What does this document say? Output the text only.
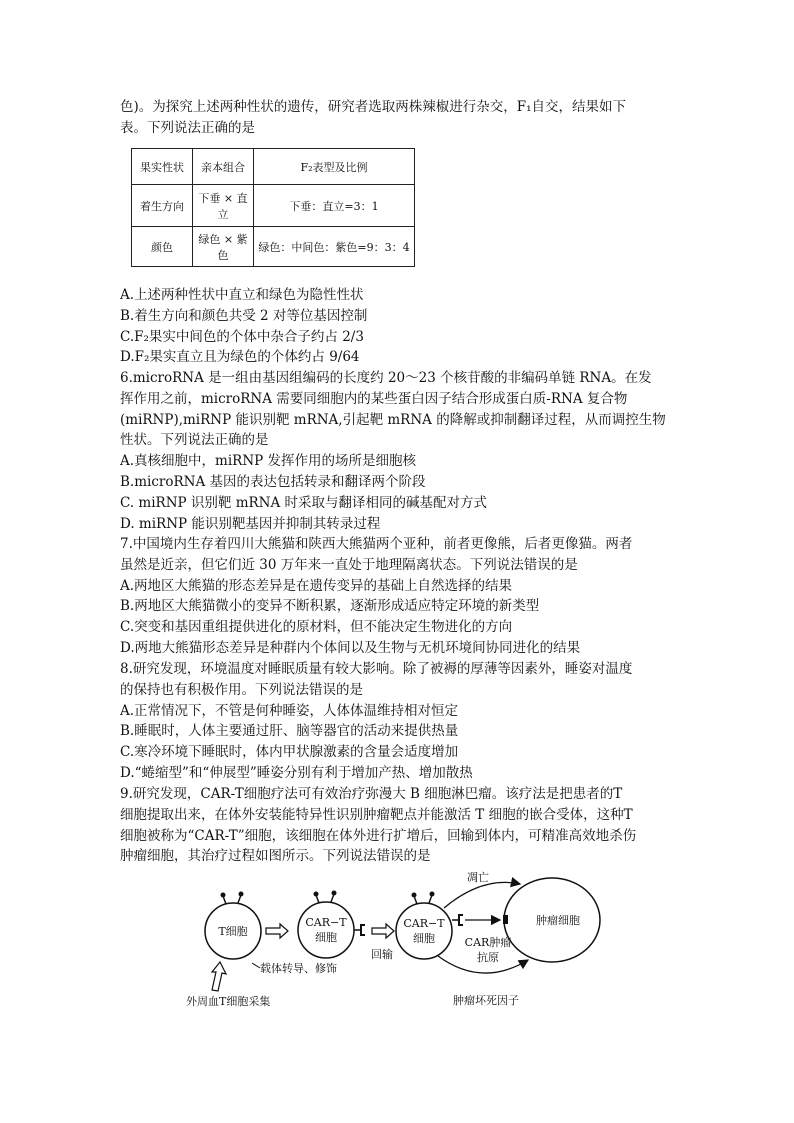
色)。为探究上述两种性状的遗传，研究者选取两株辣椒进行杂交，F₁自交，结果如下
表。下列说法正确的是
果实性状	亲本组合	F₂表型及比例
着生方向	下垂 × 直立	下垂：直立=3：1
颜色	绿色 × 紫色	绿色：中间色：紫色=9：3：4
A.上述两种性状中直立和绿色为隐性性状
B.着生方向和颜色共受 2 对等位基因控制
C.F₂果实中间色的个体中杂合子约占 2/3
D.F₂果实直立且为绿色的个体约占 9/64
6.microRNA 是一组由基因组编码的长度约 20～23 个核苷酸的非编码单链 RNA。在发
挥作用之前，microRNA 需要同细胞内的某些蛋白因子结合形成蛋白质-RNA 复合物
(miRNP),miRNP 能识别靶 mRNA,引起靶 mRNA 的降解或抑制翻译过程，从而调控生物
性状。下列说法正确的是
A.真核细胞中，miRNP 发挥作用的场所是细胞核
B.microRNA 基因的表达包括转录和翻译两个阶段
C. miRNP 识别靶 mRNA 时采取与翻译相同的碱基配对方式
D. miRNP 能识别靶基因并抑制其转录过程
7.中国境内生存着四川大熊猫和陕西大熊猫两个亚种，前者更像熊，后者更像猫。两者
虽然是近亲，但它们近 30 万年来一直处于地理隔离状态。下列说法错误的是
A.两地区大熊猫的形态差异是在遗传变异的基础上自然选择的结果
B.两地区大熊猫微小的变异不断积累，逐渐形成适应特定环境的新类型
C.突变和基因重组提供进化的原材料，但不能决定生物进化的方向
D.两地大熊猫形态差异是种群内个体间以及生物与无机环境间协同进化的结果
8.研究发现，环境温度对睡眠质量有较大影响。除了被褥的厚薄等因素外，睡姿对温度
的保持也有积极作用。下列说法错误的是
A.正常情况下，不管是何种睡姿，人体体温维持相对恒定
B.睡眠时，人体主要通过肝、脑等器官的活动来提供热量
C.寒冷环境下睡眠时，体内甲状腺激素的含量会适度增加
D.“蜷缩型”和“伸展型”睡姿分别有利于增加产热、增加散热
9.研究发现，CAR-T细胞疗法可有效治疗弥漫大 B 细胞淋巴瘤。该疗法是把患者的T
细胞提取出来，在体外安装能特异性识别肿瘤靶点并能激活 T 细胞的嵌合受体，这种T
细胞被称为“CAR-T”细胞，该细胞在体外进行扩增后，回输到体内，可精准高效地杀伤
肿瘤细胞，其治疗过程如图所示。下列说法错误的是
T细胞
CAR−T
细胞
回输
CAR−T
细胞
肿瘤细胞
凋亡
肿瘤坏死因子
CAR肿瘤
抗原
载体转导、修饰
外周血T细胞采集
